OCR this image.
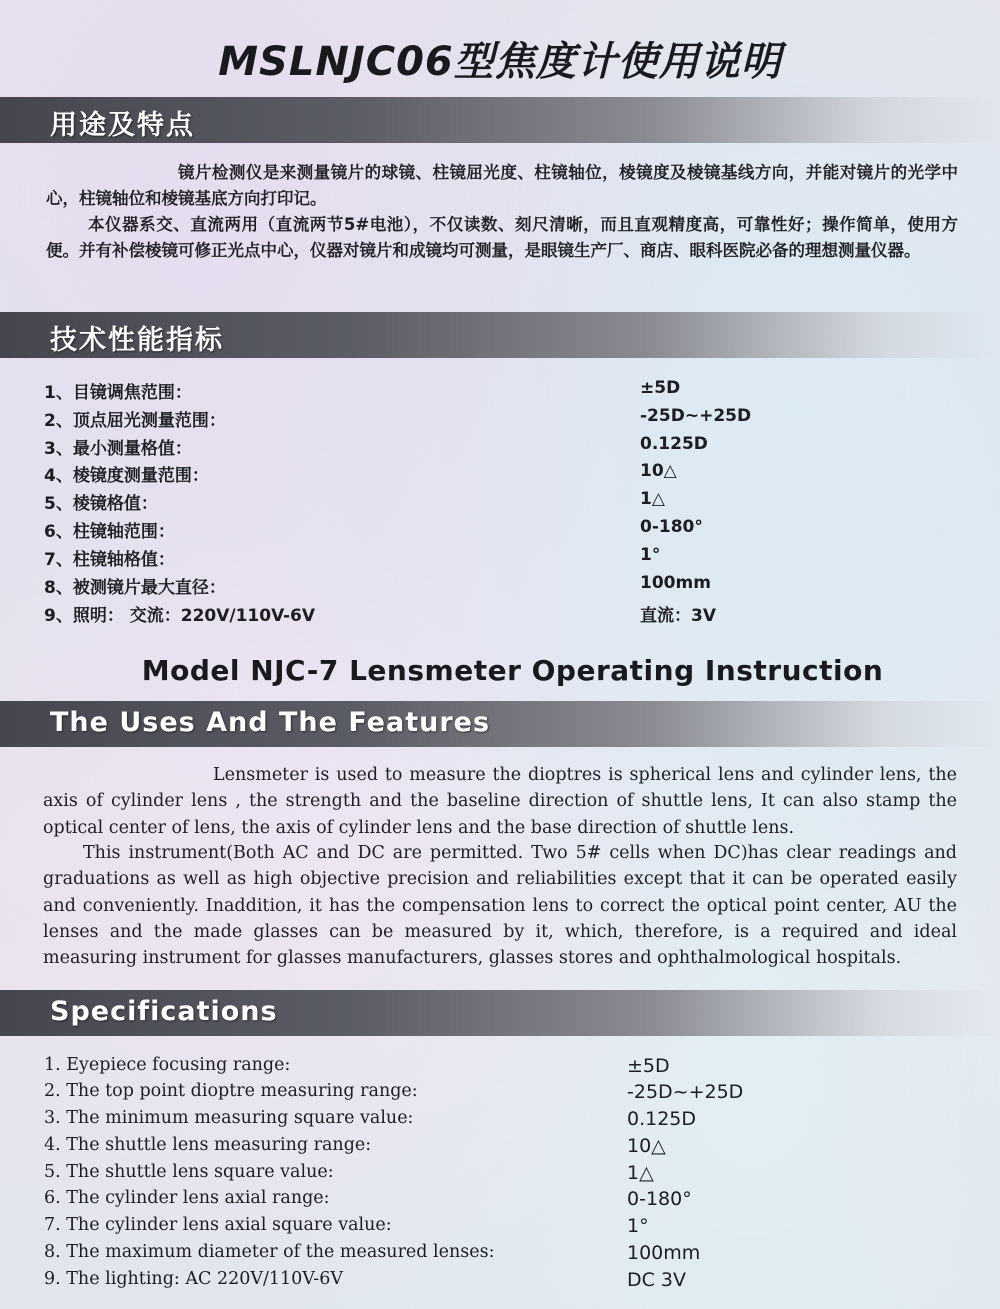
MSLNJC06型焦度计使用说明
用途及特点
镜片检测仪是来测量镜片的球镜、柱镜屈光度、柱镜轴位，棱镜度及棱镜基线方向，并能对镜片的光学中心，柱镜轴位和棱镜基底方向打印记。
本仪器系交、直流两用（直流两节5#电池），不仅读数、刻尺清晰，而且直观精度高，可靠性好；操作简单，使用方便。并有补偿棱镜可修正光点中心，仪器对镜片和成镜均可测量，是眼镜生产厂、商店、眼科医院必备的理想测量仪器。
技术性能指标
1、目镜调焦范围：	±5D
2、顶点屈光测量范围：	-25D~+25D
3、最小测量格值：	0.125D
4、棱镜度测量范围：	10△
5、棱镜格值：	1△
6、柱镜轴范围：	0-180°
7、柱镜轴格值：	1°
8、被测镜片最大直径：	100mm
9、照明： 交流：220V/110V-6V	直流：3V
Model NJC-7 Lensmeter Operating Instruction
The Uses And The Features
Lensmeter is used to measure the dioptres is spherical lens and cylinder lens, the axis of cylinder lens , the strength and the baseline direction of shuttle lens, It can also stamp the optical center of lens, the axis of cylinder lens and the base direction of shuttle lens.
This instrument(Both AC and DC are permitted. Two 5# cells when DC)has clear readings and graduations as well as high objective precision and reliabilities except that it can be operated easily and conveniently. Inaddition, it has the compensation lens to correct the optical point center, AU the lenses and the made glasses can be measured by it, which, therefore, is a required and ideal measuring instrument for glasses manufacturers, glasses stores and ophthalmological hospitals.
Specifications
1. Eyepiece focusing range:	±5D
2. The top point dioptre measuring range:	-25D~+25D
3. The minimum measuring square value:	0.125D
4. The shuttle lens measuring range:	10△
5. The shuttle lens square value:	1△
6. The cylinder lens axial range:	0-180°
7. The cylinder lens axial square value:	1°
8. The maximum diameter of the measured lenses:	100mm
9. The lighting: AC 220V/110V-6V	DC 3V
